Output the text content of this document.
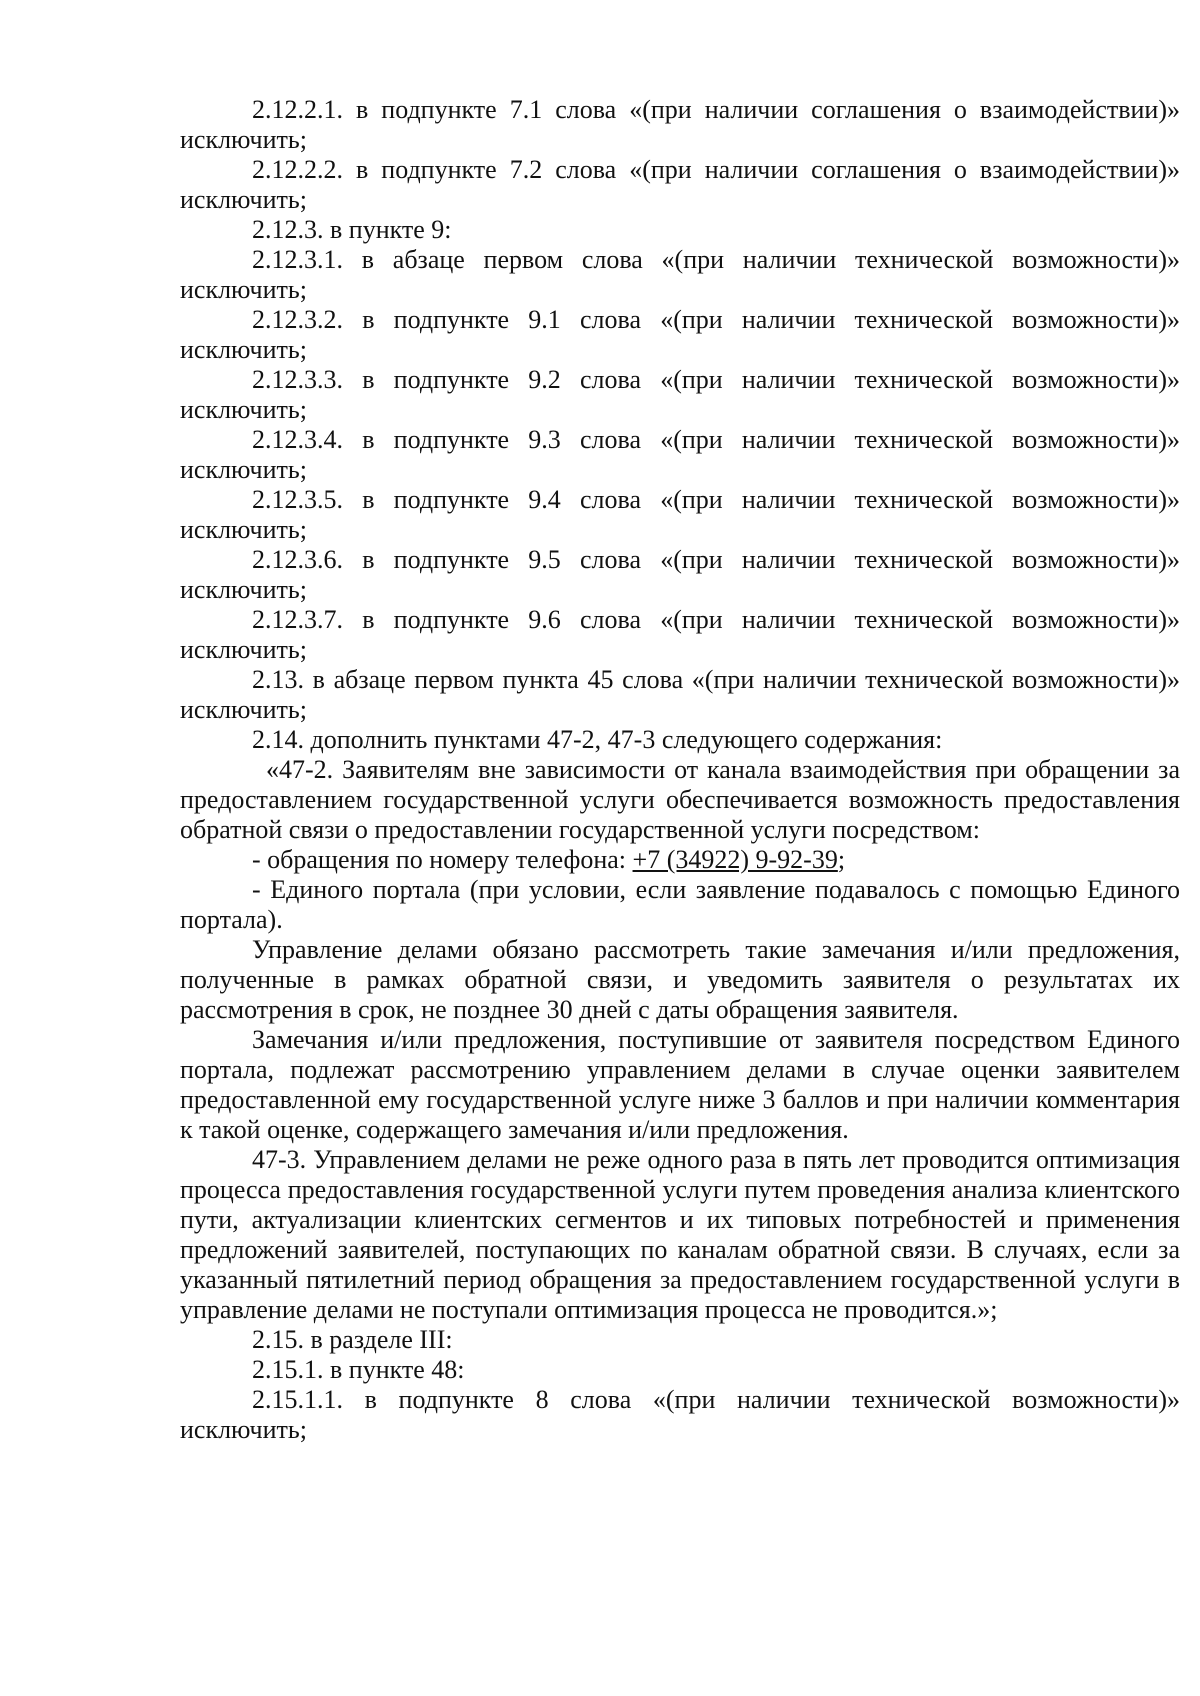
2.12.2.1. в подпункте 7.1 слова «(при наличии соглашения о взаимодействии)» исключить;

2.12.2.2. в подпункте 7.2 слова «(при наличии соглашения о взаимодействии)» исключить;

2.12.3. в пункте 9:

2.12.3.1. в абзаце первом слова «(при наличии технической возможности)» исключить;

2.12.3.2. в подпункте 9.1 слова «(при наличии технической возможности)» исключить;

2.12.3.3. в подпункте 9.2 слова «(при наличии технической возможности)» исключить;

2.12.3.4. в подпункте 9.3 слова «(при наличии технической возможности)» исключить;

2.12.3.5. в подпункте 9.4 слова «(при наличии технической возможности)» исключить;

2.12.3.6. в подпункте 9.5 слова «(при наличии технической возможности)» исключить;

2.12.3.7. в подпункте 9.6 слова «(при наличии технической возможности)» исключить;

2.13. в абзаце первом пункта 45 слова «(при наличии технической возможности)» исключить;

2.14. дополнить пунктами 47-2, 47-3 следующего содержания:

«47-2. Заявителям вне зависимости от канала взаимодействия при обращении за предоставлением государственной услуги обеспечивается возможность предоставления обратной связи о предоставлении государственной услуги посредством:

- обращения по номеру телефона: +7 (34922) 9-92-39;

- Единого портала (при условии, если заявление подавалось с помощью Единого портала).

Управление делами обязано рассмотреть такие замечания и/или предложения, полученные в рамках обратной связи, и уведомить заявителя о результатах их рассмотрения в срок, не позднее 30 дней с даты обращения заявителя.

Замечания и/или предложения, поступившие от заявителя посредством Единого портала, подлежат рассмотрению управлением делами в случае оценки заявителем предоставленной ему государственной услуге ниже 3 баллов и при наличии комментария к такой оценке, содержащего замечания и/или предложения.

47-3. Управлением делами не реже одного раза в пять лет проводится оптимизация процесса предоставления государственной услуги путем проведения анализа клиентского пути, актуализации клиентских сегментов и их типовых потребностей и применения предложений заявителей, поступающих по каналам обратной связи. В случаях, если за указанный пятилетний период обращения за предоставлением государственной услуги в управление делами не поступали оптимизация процесса не проводится.»;

2.15. в разделе III:

2.15.1. в пункте 48:

2.15.1.1. в подпункте 8 слова «(при наличии технической возможности)» исключить;
